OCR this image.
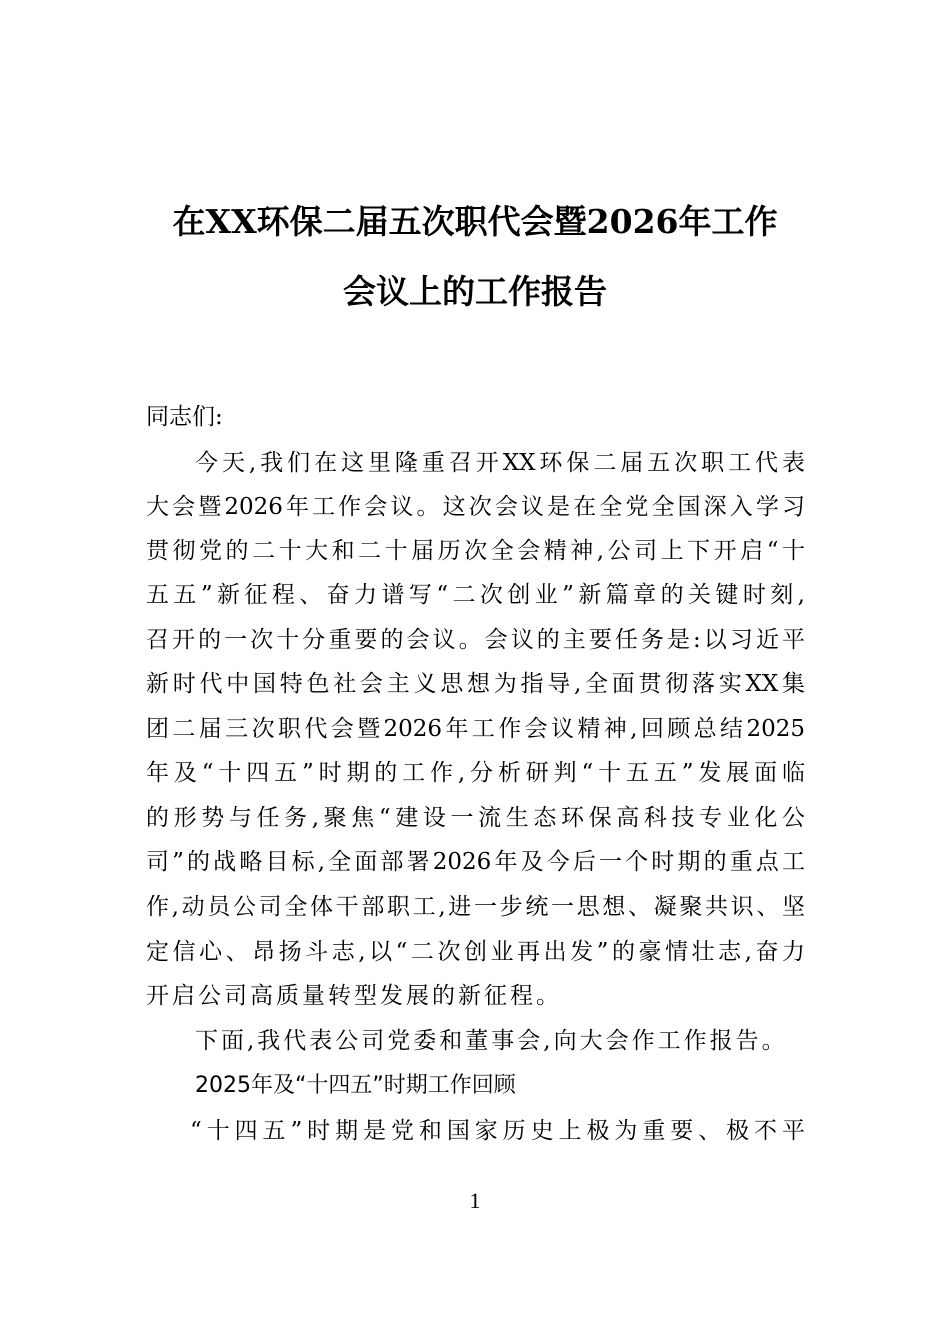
在XX环保二届五次职代会暨2026年工作
会议上的工作报告
同志们:
今天,我们在这里隆重召开XX环保二届五次职工代表
大会暨2026年工作会议。这次会议是在全党全国深入学习
贯彻党的二十大和二十届历次全会精神,公司上下开启“十
五五”新征程、奋力谱写“二次创业”新篇章的关键时刻,
召开的一次十分重要的会议。会议的主要任务是:以习近平
新时代中国特色社会主义思想为指导,全面贯彻落实XX集
团二届三次职代会暨2026年工作会议精神,回顾总结2025
年及“十四五”时期的工作,分析研判“十五五”发展面临
的形势与任务,聚焦“建设一流生态环保高科技专业化公
司”的战略目标,全面部署2026年及今后一个时期的重点工
作,动员公司全体干部职工,进一步统一思想、凝聚共识、坚
定信心、昂扬斗志,以“二次创业再出发”的豪情壮志,奋力
开启公司高质量转型发展的新征程。
下面,我代表公司党委和董事会,向大会作工作报告。
2025年及“十四五”时期工作回顾
“十四五”时期是党和国家历史上极为重要、极不平
1
